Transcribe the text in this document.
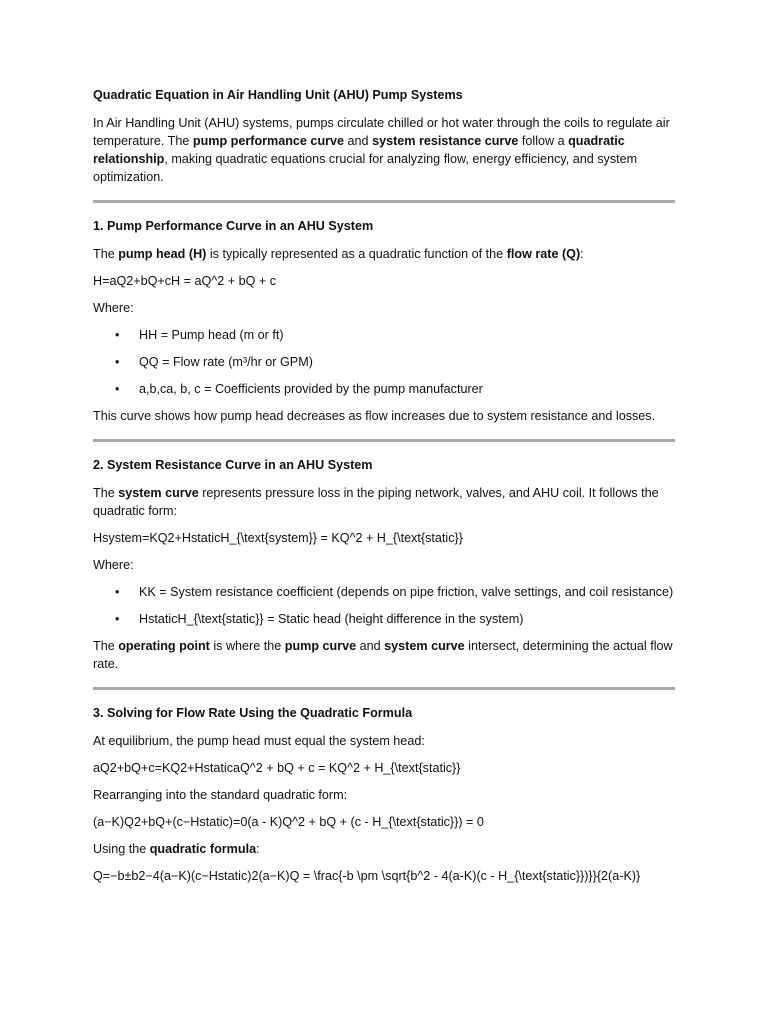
Quadratic Equation in Air Handling Unit (AHU) Pump Systems

In Air Handling Unit (AHU) systems, pumps circulate chilled or hot water through the coils to regulate air temperature. The pump performance curve and system resistance curve follow a quadratic relationship, making quadratic equations crucial for analyzing flow, energy efficiency, and system optimization.

1. Pump Performance Curve in an AHU System

The pump head (H) is typically represented as a quadratic function of the flow rate (Q):

H=aQ2+bQ+cH = aQ^2 + bQ + c

Where:

• HH = Pump head (m or ft)
• QQ = Flow rate (m³/hr or GPM)
• a,b,ca, b, c = Coefficients provided by the pump manufacturer

This curve shows how pump head decreases as flow increases due to system resistance and losses.

2. System Resistance Curve in an AHU System

The system curve represents pressure loss in the piping network, valves, and AHU coil. It follows the quadratic form:

Hsystem=KQ2+HstaticH_{\text{system}} = KQ^2 + H_{\text{static}}

Where:

• KK = System resistance coefficient (depends on pipe friction, valve settings, and coil resistance)
• HstaticH_{\text{static}} = Static head (height difference in the system)

The operating point is where the pump curve and system curve intersect, determining the actual flow rate.

3. Solving for Flow Rate Using the Quadratic Formula

At equilibrium, the pump head must equal the system head:

aQ2+bQ+c=KQ2+HstaticaQ^2 + bQ + c = KQ^2 + H_{\text{static}}

Rearranging into the standard quadratic form:

(a−K)Q2+bQ+(c−Hstatic)=0(a - K)Q^2 + bQ + (c - H_{\text{static}}) = 0

Using the quadratic formula:

Q=−b±b2−4(a−K)(c−Hstatic)2(a−K)Q = \frac{-b \pm \sqrt{b^2 - 4(a-K)(c - H_{\text{static}})}}{2(a-K)}
